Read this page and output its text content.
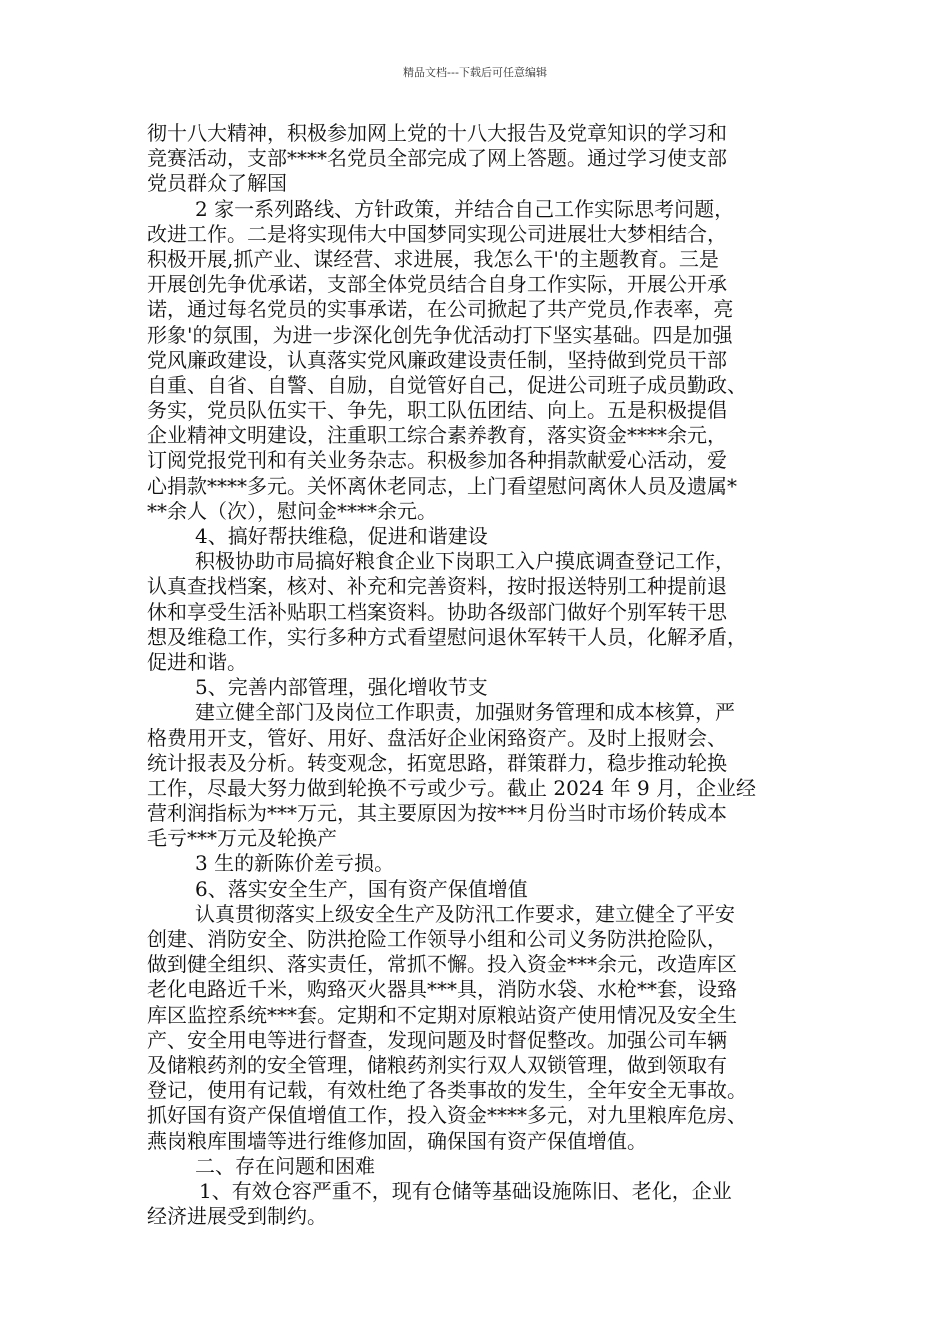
精品文档---下载后可任意编辑
彻十八大精神，积极参加网上党的十八大报告及党章知识的学习和
竞赛活动，支部****名党员全部完成了网上答题。通过学习使支部
党员群众了解国
2 家一系列路线、方针政策，并结合自己工作实际思考问题，
改进工作。二是将实现伟大中国梦同实现公司进展壮大梦相结合，
积极开展,抓产业、谋经营、求进展，我怎么干'的主题教育。三是
开展创先争优承诺，支部全体党员结合自身工作实际，开展公开承
诺，通过每名党员的实事承诺，在公司掀起了共产党员,作表率，亮
形象'的氛围，为进一步深化创先争优活动打下坚实基础。四是加强
党风廉政建设，认真落实党风廉政建设责任制，坚持做到党员干部
自重、自省、自警、自励，自觉管好自己，促进公司班子成员勤政、
务实，党员队伍实干、争先，职工队伍团结、向上。五是积极提倡
企业精神文明建设，注重职工综合素养教育，落实资金****余元，
订阅党报党刊和有关业务杂志。积极参加各种捐款献爱心活动，爱
心捐款****多元。关怀离休老同志，上门看望慰问离休人员及遗属*
**余人（次），慰问金****余元。
4、搞好帮扶维稳，促进和谐建设
积极协助市局搞好粮食企业下岗职工入户摸底调查登记工作，
认真查找档案，核对、补充和完善资料，按时报送特别工种提前退
休和享受生活补贴职工档案资料。协助各级部门做好个别军转干思
想及维稳工作，实行多种方式看望慰问退休军转干人员，化解矛盾，
促进和谐。
5、完善内部管理，强化增收节支
建立健全部门及岗位工作职责，加强财务管理和成本核算，严
格费用开支，管好、用好、盘活好企业闲臵资产。及时上报财会、
统计报表及分析。转变观念，拓宽思路，群策群力，稳步推动轮换
工作，尽最大努力做到轮换不亏或少亏。截止 2024 年 9 月，企业经
营利润指标为***万元，其主要原因为按***月份当时市场价转成本
毛亏***万元及轮换产
3 生的新陈价差亏损。
6、落实安全生产，国有资产保值增值
认真贯彻落实上级安全生产及防汛工作要求，建立健全了平安
创建、消防安全、防洪抢险工作领导小组和公司义务防洪抢险队，
做到健全组织、落实责任，常抓不懈。投入资金***余元，改造库区
老化电路近千米，购臵灭火器具***具，消防水袋、水枪**套，设臵
库区监控系统***套。定期和不定期对原粮站资产使用情况及安全生
产、安全用电等进行督查，发现问题及时督促整改。加强公司车辆
及储粮药剂的安全管理，储粮药剂实行双人双锁管理，做到领取有
登记，使用有记载，有效杜绝了各类事故的发生，全年安全无事故。
抓好国有资产保值增值工作，投入资金****多元，对九里粮库危房、
燕岗粮库围墙等进行维修加固，确保国有资产保值增值。
二、存在问题和困难
1、有效仓容严重不，现有仓储等基础设施陈旧、老化，企业
经济进展受到制约。
